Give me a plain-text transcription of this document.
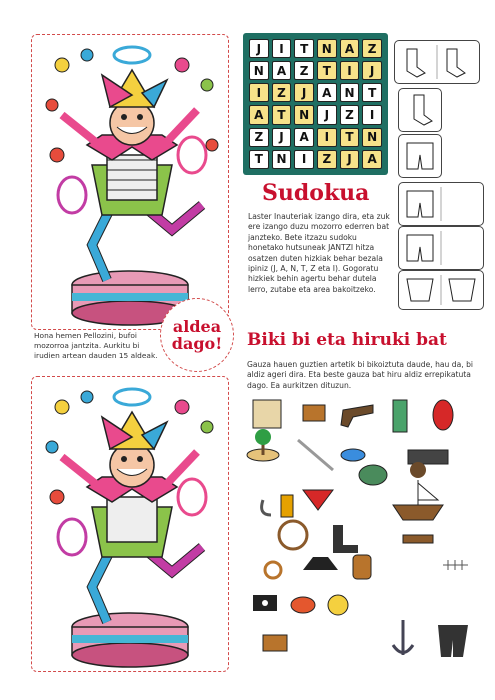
Hona hemen Pellozini, bufoi mozorroa jantzita. Aurkitu bi irudien artean dauden 15 aldeak.
aldea
dago!
J	I	T	N	A	Z
N	A	Z	T	I	J
I	Z	J	A	N	T
A	T	N	J	Z	I
Z	J	A	I	T	N
T	N	I	Z	J	A
Sudokua
Laster Inauteriak izango dira, eta zuk ere izango duzu mozorro ederren bat janzteko. Bete itzazu sudoku honetako hutsuneak JANTZI hitza osatzen duten hizkiak behar bezala ipiniz (J, A, N, T, Z eta I). Gogoratu hizkiek behin agertu behar dutela lerro, zutabe eta area bakoitzeko.
Biki bi eta hiruki bat
Gauza hauen guztien artetik bi bikoiztuta daude, hau da, bi aldiz ageri dira. Eta beste gauza bat hiru aldiz errepikatuta dago. Ea aurkitzen dituzun.
